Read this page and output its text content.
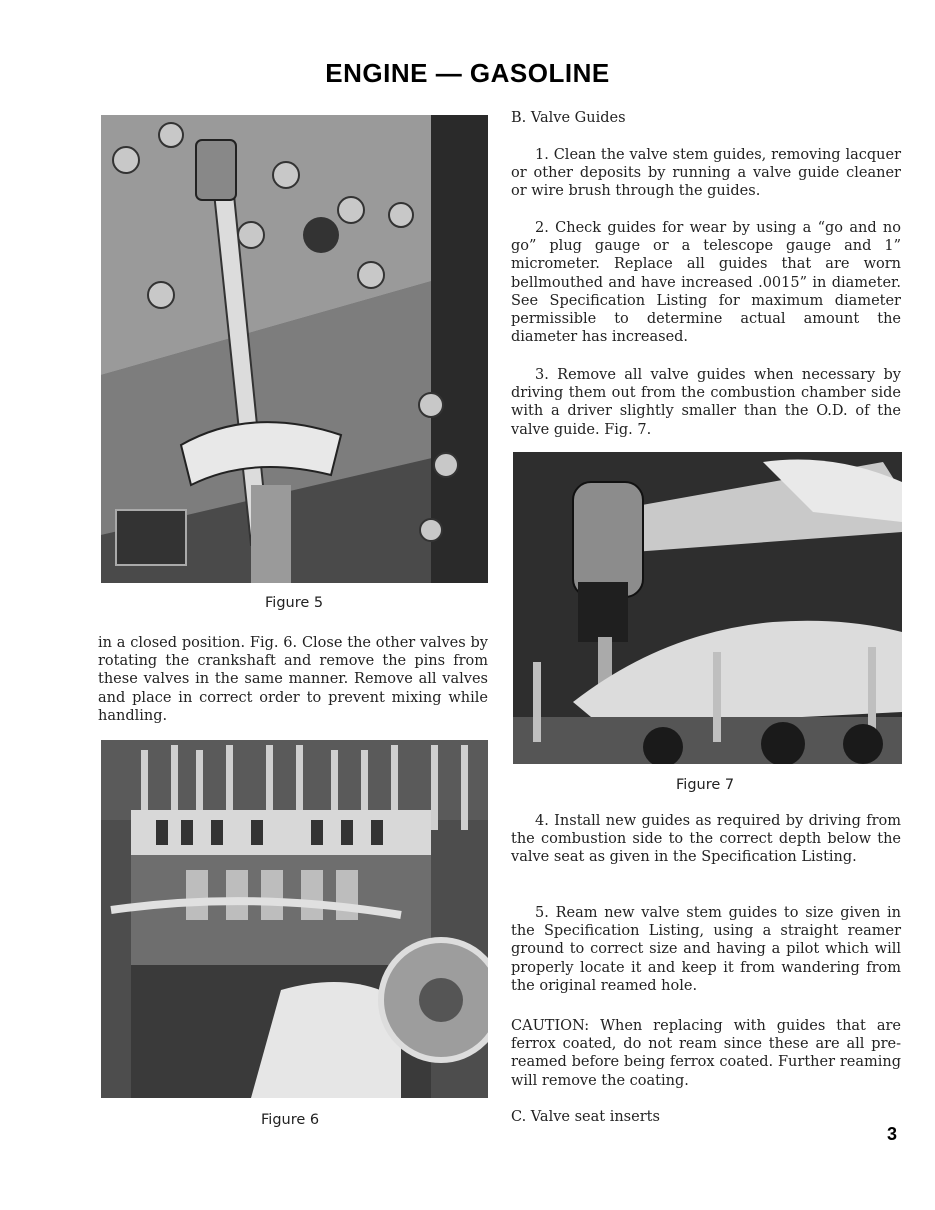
ENGINE — GASOLINE
Figure 5

in a closed position. Fig. 6. Close the other valves by rotating the crankshaft and remove the pins from these valves in the same manner. Remove all valves and place in correct order to prevent mixing while handling.

Figure 6
B. Valve Guides

1. Clean the valve stem guides, removing lacquer or other deposits by running a valve guide cleaner or wire brush through the guides.

2. Check guides for wear by using a “go and no go” plug gauge or a telescope gauge and 1” micrometer. Replace all guides that are worn bellmouthed and have increased .0015” in diameter. See Specification Listing for maximum diameter permissible to determine actual amount the diameter has increased.

3. Remove all valve guides when necessary by driving them out from the combustion chamber side with a driver slightly smaller than the O.D. of the valve guide. Fig. 7.

Figure 7

4. Install new guides as required by driving from the combustion side to the correct depth below the valve seat as given in the Specification Listing.

5. Ream new valve stem guides to size given in the Specification Listing, using a straight reamer ground to correct size and having a pilot which will properly locate it and keep it from wandering from the original reamed hole.

CAUTION: When replacing with guides that are ferrox coated, do not ream since these are all pre-reamed before being ferrox coated. Further reaming will remove the coating.

C. Valve seat inserts
3
